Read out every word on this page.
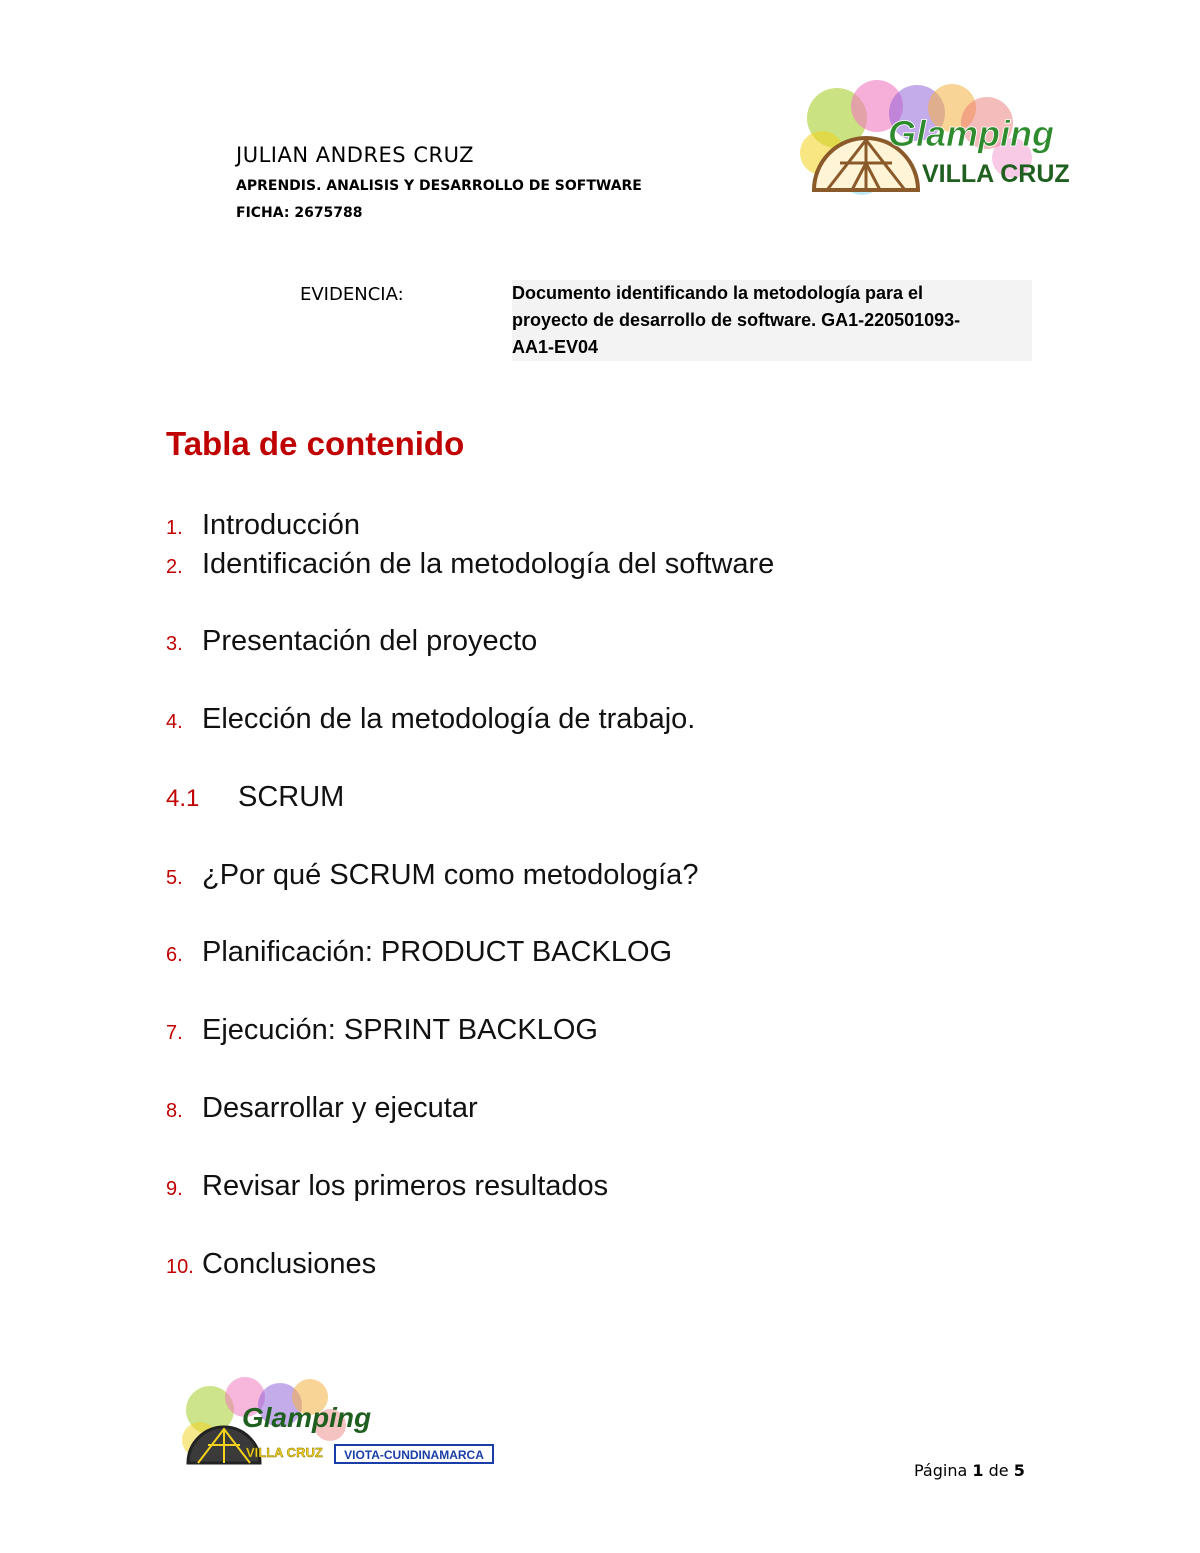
JULIAN ANDRES CRUZ
APRENDIS. ANALISIS Y DESARROLLO DE SOFTWARE
FICHA: 2675788
Glamping
VILLA CRUZ
EVIDENCIA:	Documento identificando la metodología para el
proyecto de desarrollo de software. GA1-220501093-
AA1-EV04
Tabla de contenido
1. Introducción
2. Identificación de la metodología del software
3. Presentación del proyecto
4. Elección de la metodología de trabajo.
4.1 SCRUM
5. ¿Por qué SCRUM como metodología?
6. Planificación: PRODUCT BACKLOG
7. Ejecución: SPRINT BACKLOG
8. Desarrollar y ejecutar
9. Revisar los primeros resultados
10. Conclusiones
Glamping
VILLA CRUZ VIOTA-CUNDINAMARCA
Página 1 de 5
